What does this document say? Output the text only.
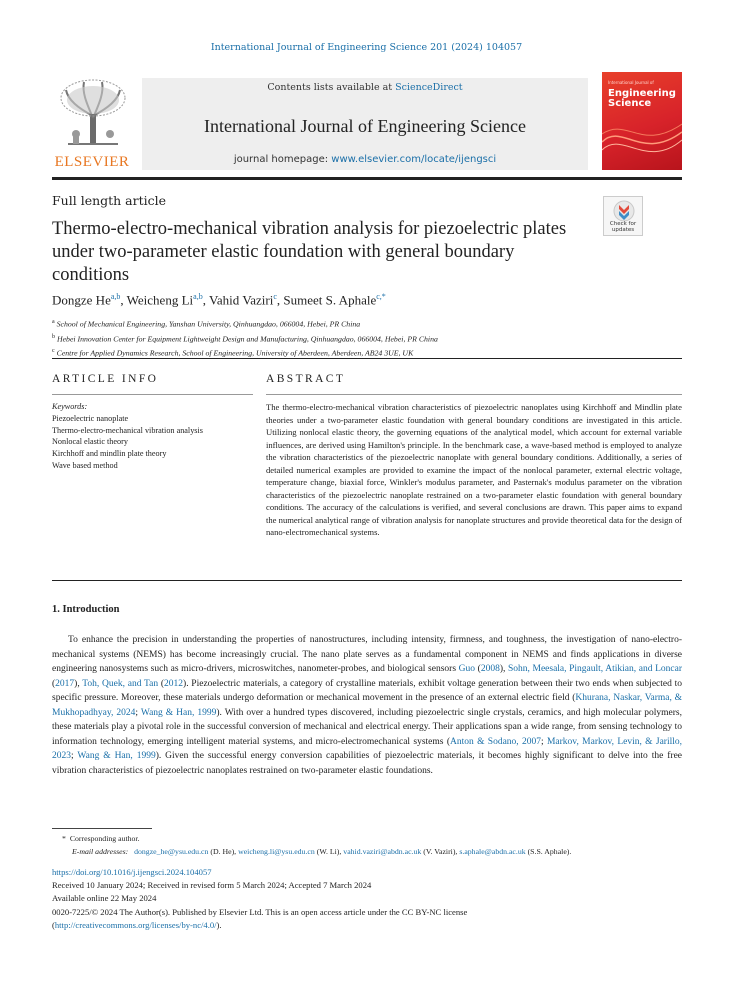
International Journal of Engineering Science 201 (2024) 104057
ELSEVIER
Contents lists available at ScienceDirect
International Journal of Engineering Science
journal homepage: www.elsevier.com/locate/ijengsci
International Journal of
Engineering
Science
Full length article
Check for updates
Thermo-electro-mechanical vibration analysis for piezoelectric plates under two-parameter elastic foundation with general boundary conditions
Dongze He$^{a,b}$, Weicheng Li$^{a,b}$, Vahid Vaziri$^c$, Sumeet S. Aphale$^{c,*}$
$^a$ School of Mechanical Engineering, Yanshan University, Qinhuangdao, 066004, Hebei, PR China
$^b$ Hebei Innovation Center for Equipment Lightweight Design and Manufacturing, Qinhuangdao, 066004, Hebei, PR China
$^c$ Centre for Applied Dynamics Research, School of Engineering, University of Aberdeen, Aberdeen, AB24 3UE, UK
ARTICLE INFO	ABSTRACT
Keywords:
Piezoelectric nanoplate
Thermo-electro-mechanical vibration analysis
Nonlocal elastic theory
Kirchhoff and mindlin plate theory
Wave based method
The thermo-electro-mechanical vibration characteristics of piezoelectric nanoplates using Kirchhoff and Mindlin plate theories under a two-parameter elastic foundation with general boundary conditions are investigated in this article. Utilizing nonlocal elastic theory, the governing equations of the analytical model, which account for external variable influences, are derived using Hamilton's principle. In the benchmark case, a wave-based method is employed to analyze the vibration characteristics of the piezoelectric nanoplate with general boundary conditions. Additionally, a series of detailed numerical examples are provided to examine the impact of the nonlocal parameter, external electric voltage, temperature change, biaxial force, Winkler's modulus parameter, and Pasternak's modulus parameter on the vibration characteristics of the piezoelectric nanoplate restrained on a two-parameter elastic foundation with general boundary conditions. The accuracy of the calculations is verified, and several conclusions are drawn. This paper aims to expand the numerical analytical range of vibration analysis for nanoplate structures and provide theoretical data for the design of nano-electromechanical systems.
1. Introduction
To enhance the precision in understanding the properties of nanostructures, including intensity, firmness, and toughness, the investigation of nano-electro-mechanical systems (NEMS) has become increasingly crucial. The nano plate serves as a fundamental component in NEMS and finds applications in diverse engineering nanosystems such as micro-drivers, microswitches, nanometer-probes, and biological sensors Guo (2008), Sohn, Meesala, Pingault, Atikian, and Loncar (2017), Toh, Quek, and Tan (2012). Piezoelectric materials, a category of crystalline materials, exhibit voltage generation between their two ends when subjected to specific pressure. Moreover, these materials undergo deformation or mechanical movement in the presence of an external electric field (Khurana, Naskar, Varma, & Mukhopadhyay, 2024; Wang & Han, 1999). With over a hundred types discovered, including piezoelectric single crystals, ceramics, and high molecular polymers, these materials play a pivotal role in the successful conversion of mechanical and electrical energy. Their applications span a wide range, from sensing technology to information technology, emerging intelligent material systems, and micro-electromechanical systems (Anton & Sodano, 2007; Markov, Markov, Levin, & Jarillo, 2023; Wang & Han, 1999). Given the successful energy conversion capabilities of piezoelectric materials, it becomes highly significant to delve into the free vibration characteristics of piezoelectric nanoplates restrained on two-parameter elastic foundations.
* Corresponding author.
E-mail addresses: dongze_he@ysu.edu.cn (D. He), weicheng.li@ysu.edu.cn (W. Li), vahid.vaziri@abdn.ac.uk (V. Vaziri), s.aphale@abdn.ac.uk (S.S. Aphale).
https://doi.org/10.1016/j.ijengsci.2024.104057
Received 10 January 2024; Received in revised form 5 March 2024; Accepted 7 March 2024
Available online 22 May 2024
0020-7225/© 2024 The Author(s). Published by Elsevier Ltd. This is an open access article under the CC BY-NC license
(http://creativecommons.org/licenses/by-nc/4.0/).
